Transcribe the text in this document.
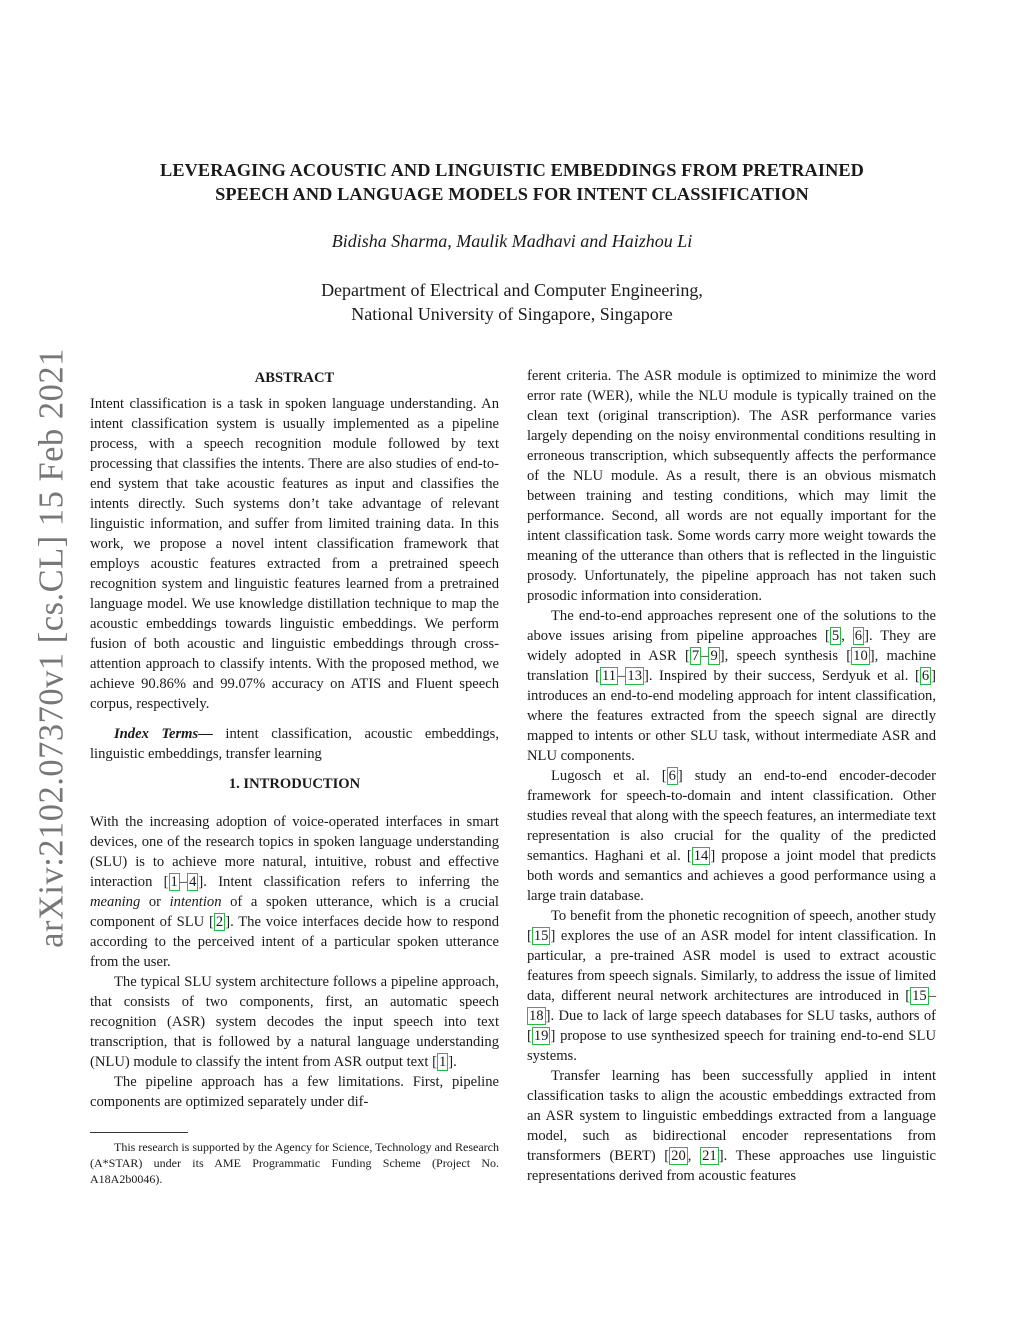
LEVERAGING ACOUSTIC AND LINGUISTIC EMBEDDINGS FROM PRETRAINED
SPEECH AND LANGUAGE MODELS FOR INTENT CLASSIFICATION
Bidisha Sharma, Maulik Madhavi and Haizhou Li
Department of Electrical and Computer Engineering,
National University of Singapore, Singapore
arXiv:2102.07370v1 [cs.CL] 15 Feb 2021	ABSTRACT

Intent classification is a task in spoken language understanding. An intent classification system is usually implemented as a pipeline process, with a speech recognition module followed by text processing that classifies the intents. There are also studies of end-to-end system that take acoustic features as input and classifies the intents directly. Such systems don’t take advantage of relevant linguistic information, and suffer from limited training data. In this work, we propose a novel intent classification framework that employs acoustic features extracted from a pretrained speech recognition system and linguistic features learned from a pretrained language model. We use knowledge distillation technique to map the acoustic embeddings towards linguistic embeddings. We perform fusion of both acoustic and linguistic embeddings through cross-attention approach to classify intents. With the proposed method, we achieve 90.86% and 99.07% accuracy on ATIS and Fluent speech corpus, respectively.

Index Terms— intent classification, acoustic embeddings, linguistic embeddings, transfer learning

1. INTRODUCTION

With the increasing adoption of voice-operated interfaces in smart devices, one of the research topics in spoken language understanding (SLU) is to achieve more natural, intuitive, robust and effective interaction [ 1 – 4 ]. Intent classification refers to inferring the meaning or intention of a spoken utterance, which is a crucial component of SLU [ 2 ]. The voice interfaces decide how to respond according to the perceived intent of a particular spoken utterance from the user.

The typical SLU system architecture follows a pipeline approach, that consists of two components, first, an automatic speech recognition (ASR) system decodes the input speech into text transcription, that is followed by a natural language understanding (NLU) module to classify the intent from ASR output text [ 1 ].

The pipeline approach has a few limitations. First, pipeline components are optimized separately under dif-

This research is supported by the Agency for Science, Technology and Research (A*STAR) under its AME Programmatic Funding Scheme (Project No. A18A2b0046).

ferent criteria. The ASR module is optimized to minimize the word error rate (WER), while the NLU module is typically trained on the clean text (original transcription). The ASR performance varies largely depending on the noisy environmental conditions resulting in erroneous transcription, which subsequently affects the performance of the NLU module. As a result, there is an obvious mismatch between training and testing conditions, which may limit the performance. Second, all words are not equally important for the intent classification task. Some words carry more weight towards the meaning of the utterance than others that is reflected in the linguistic prosody. Unfortunately, the pipeline approach has not taken such prosodic information into consideration.

The end-to-end approaches represent one of the solutions to the above issues arising from pipeline approaches [ 5 , 6 ]. They are widely adopted in ASR [ 7 – 9 ], speech synthesis [ 10 ], machine translation [ 11 – 13 ]. Inspired by their success, Serdyuk et al. [ 6 ] introduces an end-to-end modeling approach for intent classification, where the features extracted from the speech signal are directly mapped to intents or other SLU task, without intermediate ASR and NLU components.

Lugosch et al. [ 6 ] study an end-to-end encoder-decoder framework for speech-to-domain and intent classification. Other studies reveal that along with the speech features, an intermediate text representation is also crucial for the quality of the predicted semantics. Haghani et al. [ 14 ] propose a joint model that predicts both words and semantics and achieves a good performance using a large train database.

To benefit from the phonetic recognition of speech, another study [ 15 ] explores the use of an ASR model for intent classification. In particular, a pre-trained ASR model is used to extract acoustic features from speech signals. Similarly, to address the issue of limited data, different neural network architectures are introduced in [ 15 –18 ]. Due to lack of large speech databases for SLU tasks, authors of [ 19 ] propose to use synthesized speech for training end-to-end SLU systems.

Transfer learning has been successfully applied in intent classification tasks to align the acoustic embeddings extracted from an ASR system to linguistic embeddings extracted from a language model, such as bidirectional encoder representations from transformers (BERT) [ 20 , 21 ]. These approaches use linguistic representations derived from acoustic features
